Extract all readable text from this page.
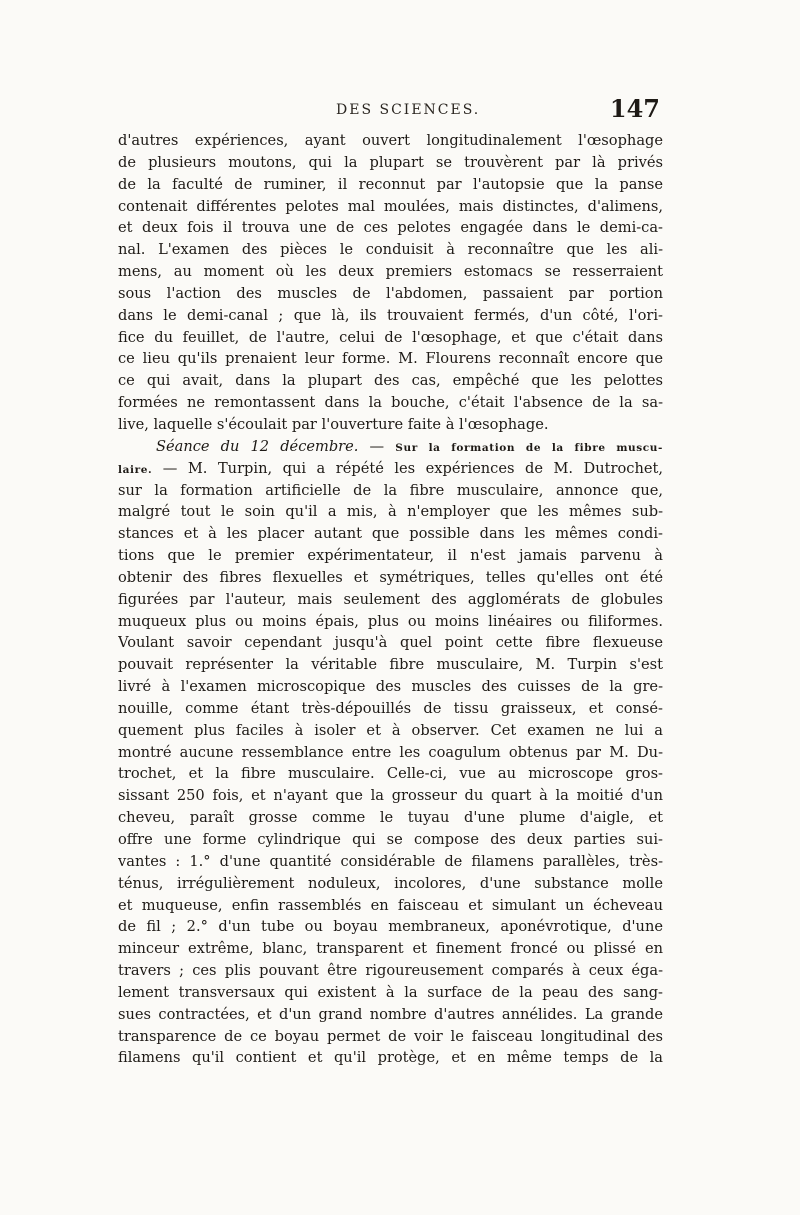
DES SCIENCES.	147
d'autres expériences, ayant ouvert longitudinalement l'œsophage
de plusieurs moutons, qui la plupart se trouvèrent par là privés
de la faculté de ruminer, il reconnut par l'autopsie que la panse
contenait différentes pelotes mal moulées, mais distinctes, d'alimens,
et deux fois il trouva une de ces pelotes engagée dans le demi-ca-
nal. L'examen des pièces le conduisit à reconnaître que les ali-
mens, au moment où les deux premiers estomacs se resserraient
sous l'action des muscles de l'abdomen, passaient par portion
dans le demi-canal ; que là, ils trouvaient fermés, d'un côté, l'ori-
fice du feuillet, de l'autre, celui de l'œsophage, et que c'était dans
ce lieu qu'ils prenaient leur forme. M. Flourens reconnaît encore que
ce qui avait, dans la plupart des cas, empêché que les pelottes
formées ne remontassent dans la bouche, c'était l'absence de la sa-
live, laquelle s'écoulait par l'ouverture faite à l'œsophage.
Séance du 12 décembre. — Sur la formation de la fibre muscu-
laire. — M. Turpin, qui a répété les expériences de M. Dutrochet,
sur la formation artificielle de la fibre musculaire, annonce que,
malgré tout le soin qu'il a mis, à n'employer que les mêmes sub-
stances et à les placer autant que possible dans les mêmes condi-
tions que le premier expérimentateur, il n'est jamais parvenu à
obtenir des fibres flexuelles et symétriques, telles qu'elles ont été
figurées par l'auteur, mais seulement des agglomérats de globules
muqueux plus ou moins épais, plus ou moins linéaires ou filiformes.
Voulant savoir cependant jusqu'à quel point cette fibre flexueuse
pouvait représenter la véritable fibre musculaire, M. Turpin s'est
livré à l'examen microscopique des muscles des cuisses de la gre-
nouille, comme étant très-dépouillés de tissu graisseux, et consé-
quement plus faciles à isoler et à observer. Cet examen ne lui a
montré aucune ressemblance entre les coagulum obtenus par M. Du-
trochet, et la fibre musculaire. Celle-ci, vue au microscope gros-
sissant 250 fois, et n'ayant que la grosseur du quart à la moitié d'un
cheveu, paraît grosse comme le tuyau d'une plume d'aigle, et
offre une forme cylindrique qui se compose des deux parties sui-
vantes : 1.° d'une quantité considérable de filamens parallèles, très-
ténus, irrégulièrement noduleux, incolores, d'une substance molle
et muqueuse, enfin rassemblés en faisceau et simulant un écheveau
de fil ; 2.° d'un tube ou boyau membraneux, aponévrotique, d'une
minceur extrême, blanc, transparent et finement froncé ou plissé en
travers ; ces plis pouvant être rigoureusement comparés à ceux éga-
lement transversaux qui existent à la surface de la peau des sang-
sues contractées, et d'un grand nombre d'autres annélides. La grande
transparence de ce boyau permet de voir le faisceau longitudinal des
filamens qu'il contient et qu'il protège, et en même temps de la
